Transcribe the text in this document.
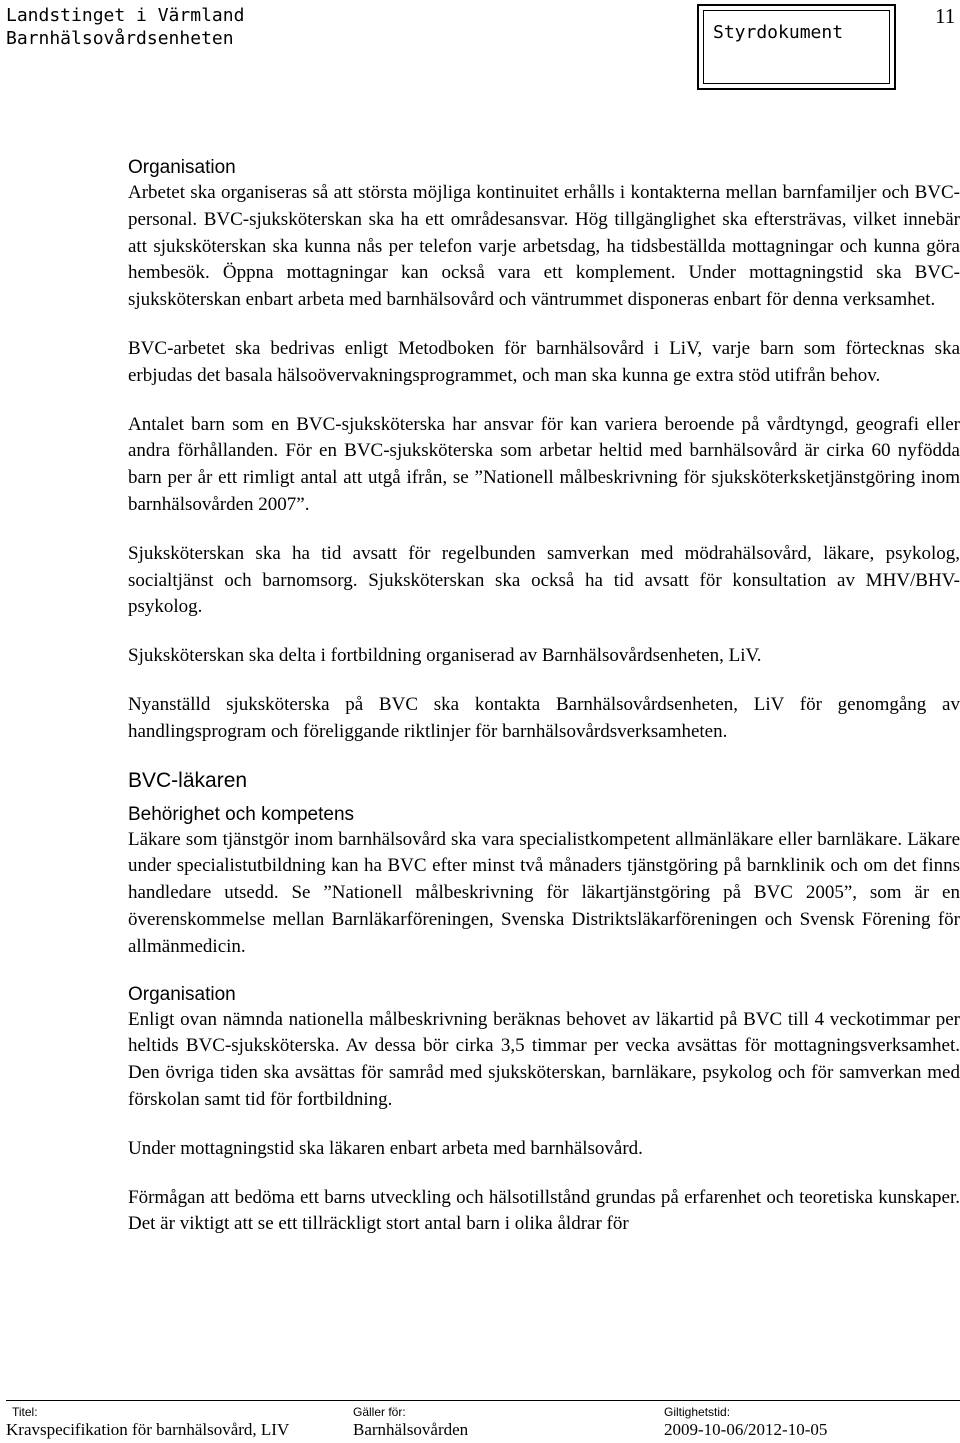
Landstinget i Värmland
Barnhälsovårdsenheten	Styrdokument
11
Organisation

Arbetet ska organiseras så att största möjliga kontinuitet erhålls i kontakterna mellan barnfamiljer och BVC-personal. BVC-sjuksköterskan ska ha ett områdesansvar. Hög tillgänglighet ska eftersträvas, vilket innebär att sjuksköterskan ska kunna nås per telefon varje arbetsdag, ha tidsbeställda mottagningar och kunna göra hembesök. Öppna mottagningar kan också vara ett komplement. Under mottagningstid ska BVC-sjuksköterskan enbart arbeta med barnhälsovård och väntrummet disponeras enbart för denna verksamhet.

BVC-arbetet ska bedrivas enligt Metodboken för barnhälsovård i LiV, varje barn som förtecknas ska erbjudas det basala hälsoövervakningsprogrammet, och man ska kunna ge extra stöd utifrån behov.

Antalet barn som en BVC-sjuksköterska har ansvar för kan variera beroende på vårdtyngd, geografi eller andra förhållanden. För en BVC-sjuksköterska som arbetar heltid med barnhälsovård är cirka 60 nyfödda barn per år ett rimligt antal att utgå ifrån, se ”Nationell målbeskrivning för sjuksköterksketjänstgöring inom barnhälsovården 2007”.

Sjuksköterskan ska ha tid avsatt för regelbunden samverkan med mödrahälsovård, läkare, psykolog, socialtjänst och barnomsorg. Sjuksköterskan ska också ha tid avsatt för konsultation av MHV/BHV-psykolog.

Sjuksköterskan ska delta i fortbildning organiserad av Barnhälsovårdsenheten, LiV.

Nyanställd sjuksköterska på BVC ska kontakta Barnhälsovårdsenheten, LiV för genomgång av handlingsprogram och föreliggande riktlinjer för barnhälsovårdsverksamheten.

BVC-läkaren
Behörighet och kompetens

Läkare som tjänstgör inom barnhälsovård ska vara specialistkompetent allmänläkare eller barnläkare. Läkare under specialistutbildning kan ha BVC efter minst två månaders tjänstgöring på barnklinik och om det finns handledare utsedd. Se ”Nationell målbeskrivning för läkartjänstgöring på BVC 2005”, som är en överenskommelse mellan Barnläkarföreningen, Svenska Distriktsläkarföreningen och Svensk Förening för allmänmedicin.

Organisation

Enligt ovan nämnda nationella målbeskrivning beräknas behovet av läkartid på BVC till 4 veckotimmar per heltids BVC-sjuksköterska. Av dessa bör cirka 3,5 timmar per vecka avsättas för mottagningsverksamhet. Den övriga tiden ska avsättas för samråd med sjuksköterskan, barnläkare, psykolog och för samverkan med förskolan samt tid för fortbildning.

Under mottagningstid ska läkaren enbart arbeta med barnhälsovård.

Förmågan att bedöma ett barns utveckling och hälsotillstånd grundas på erfarenhet och teoretiska kunskaper. Det är viktigt att se ett tillräckligt stort antal barn i olika åldrar för

Titel:
Kravspecifikation för barnhälsovård, LIV
Gäller för:
Barnhälsovården
Giltighetstid:
2009-10-06/2012-10-05
